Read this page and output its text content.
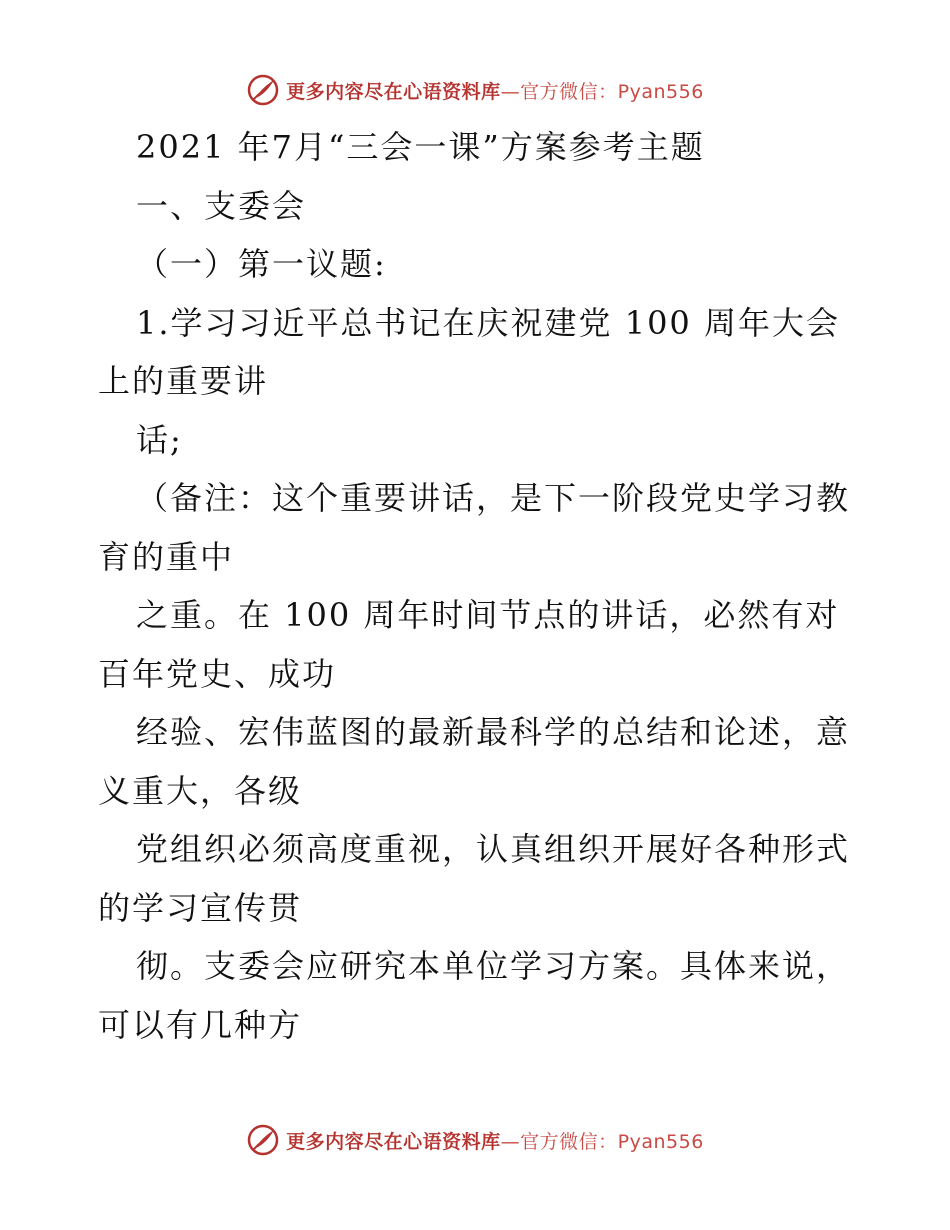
更多内容尽在心语资料库—官方微信：Pyan556
2021 年7月“三会一课”方案参考主题
一、支委会
（一）第一议题:
1.学习习近平总书记在庆祝建党 100 周年大会
上的重要讲
话;
（备注：这个重要讲话，是下一阶段党史学习教
育的重中
之重。在 100 周年时间节点的讲话，必然有对
百年党史、成功
经验、宏伟蓝图的最新最科学的总结和论述，意
义重大，各级
党组织必须高度重视，认真组织开展好各种形式
的学习宣传贯
彻。支委会应研究本单位学习方案。具体来说，
可以有几种方
更多内容尽在心语资料库—官方微信：Pyan556
